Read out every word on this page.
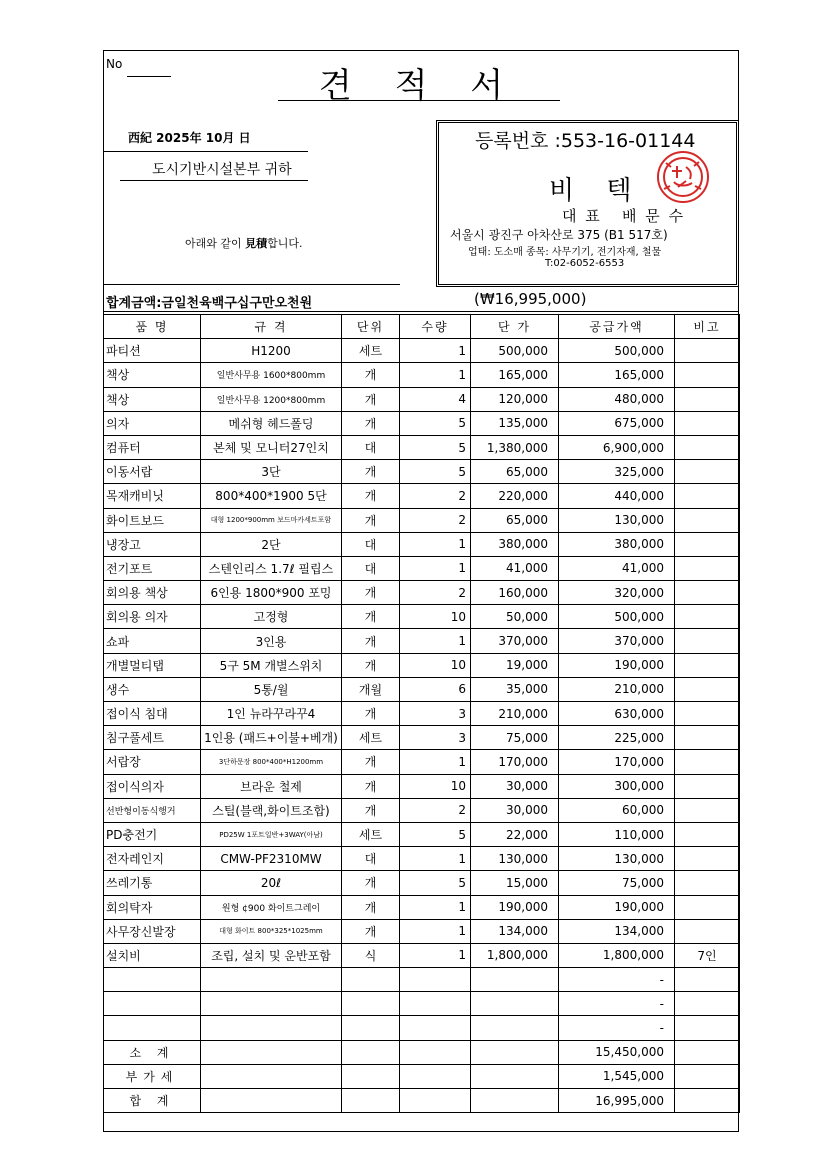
No
견 적 서
西紀 2025年 10月 日
도시기반시설본부 귀하
아래와 같이 見積합니다.
등록번호 :553-16-01144
비 텍
대 표   배 문 수
서울시 광진구 아차산로 375 (B1 517호)
업태: 도소매 종목: 사무기기, 전기자재, 철물
T:02-6052-6553
합계금액:금일천육백구십구만오천원	(₩16,995,000)
품 명	규 격	단위	수량	단 가	공급가액	비고
파티션	H1200	세트	1	500,000	500,000	
책상	일반사무용 1600*800mm	개	1	165,000	165,000	
책상	일반사무용 1200*800mm	개	4	120,000	480,000	
의자	메쉬형 헤드폴딩	개	5	135,000	675,000	
컴퓨터	본체 및 모니터27인치	대	5	1,380,000	6,900,000	
이동서랍	3단	개	5	65,000	325,000	
목재캐비닛	800*400*1900 5단	개	2	220,000	440,000	
화이트보드	대형 1200*900mm 보드마카세트포함	개	2	65,000	130,000	
냉장고	2단	대	1	380,000	380,000	
전기포트	스텐인리스 1.7ℓ 필립스	대	1	41,000	41,000	
회의용 책상	6인용 1800*900 포밍	개	2	160,000	320,000	
회의용 의자	고정형	개	10	50,000	500,000	
쇼파	3인용	개	1	370,000	370,000	
개별멀티탭	5구 5M 개별스위치	개	10	19,000	190,000	
생수	5통/월	개월	6	35,000	210,000	
접이식 침대	1인 뉴라꾸라꾸4	개	3	210,000	630,000	
침구풀세트	1인용 (패드+이불+베개)	세트	3	75,000	225,000	
서랍장	3단하문장 800*400*H1200mm	개	1	170,000	170,000	
접이식의자	브라운 철제	개	10	30,000	300,000	
선반형이동식행거	스틸(블랙,화이트조합)	개	2	30,000	60,000	
PD충전기	PD25W 1포트일반+3WAY(아남)	세트	5	22,000	110,000	
전자레인지	CMW-PF2310MW	대	1	130,000	130,000	
쓰레기통	20ℓ	개	5	15,000	75,000	
회의탁자	원형 ¢900 화이트그레이	개	1	190,000	190,000	
사무장신발장	대형 화이트 800*325*1025mm	개	1	134,000	134,000	
설치비	조립, 설치 및 운반포함	식	1	1,800,000	1,800,000	7인
					-	
					-	
					-	
소 계					15,450,000	
부가세					1,545,000	
합 계					16,995,000	
